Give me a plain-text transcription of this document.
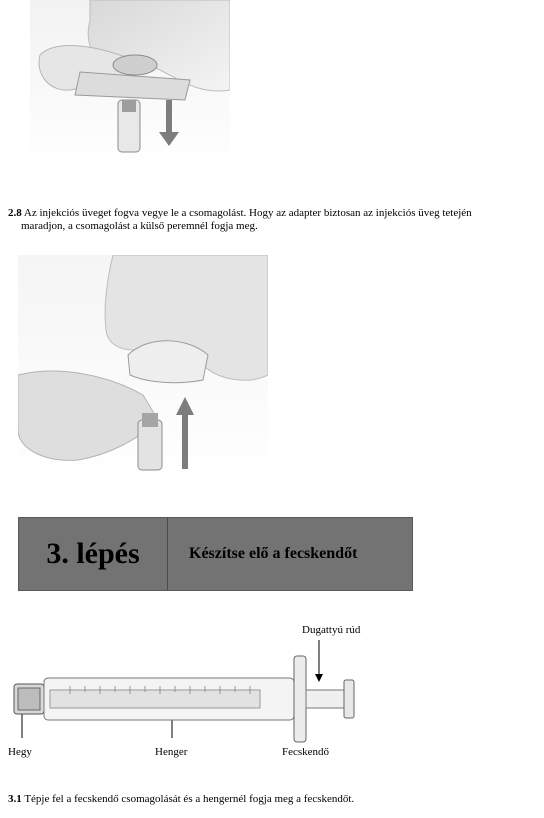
2.8 Az injekciós üveget fogva vegye le a csomagolást. Hogy az adapter biztosan az injekciós üveg tetején
maradjon, a csomagolást a külső peremnél fogja meg.
3. lépés	Készítse elő a fecskendőt
Dugattyú rúd
Hegy	Henger	Fecskendő
3.1 Tépje fel a fecskendő csomagolását és a hengernél fogja meg a fecskendőt.
